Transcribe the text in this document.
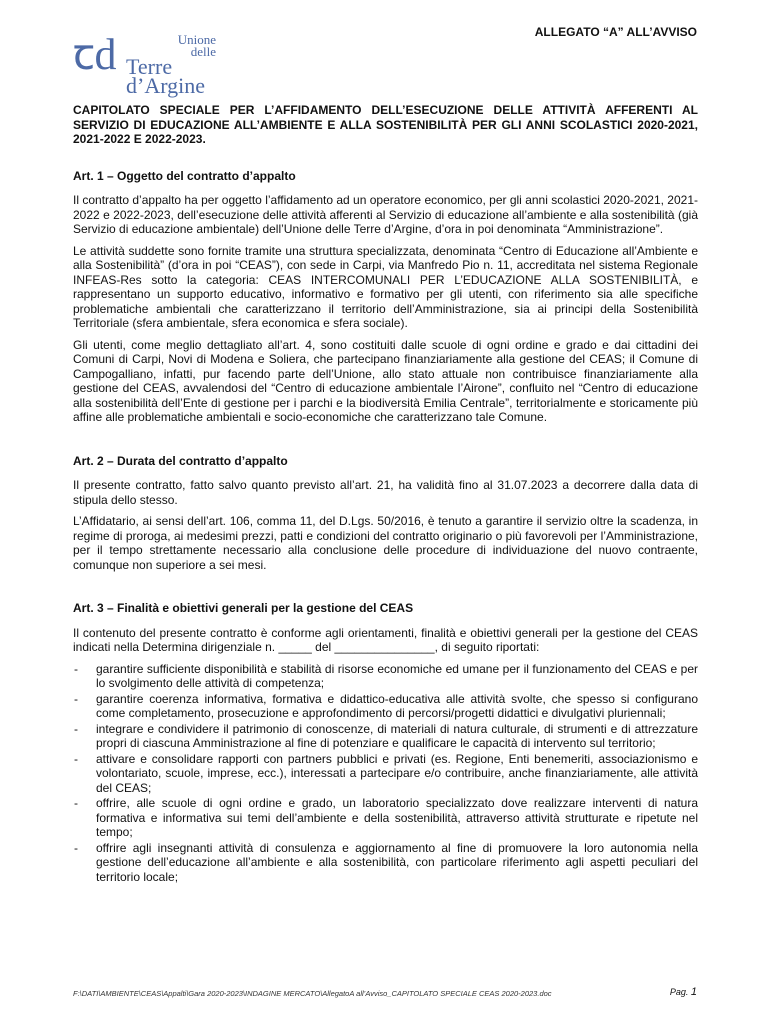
ALLEGATO “A” ALL’AVVISO
ꞇd	Unione
delle
Terre
d’Argine
CAPITOLATO SPECIALE PER L’AFFIDAMENTO DELL’ESECUZIONE DELLE ATTIVITÀ AFFERENTI AL SERVIZIO DI EDUCAZIONE ALL’AMBIENTE E ALLA SOSTENIBILITÀ PER GLI ANNI SCOLASTICI 2020-2021, 2021-2022 E 2022-2023.
Art. 1 – Oggetto del contratto d’appalto

Il contratto d’appalto ha per oggetto l’affidamento ad un operatore economico, per gli anni scolastici 2020-2021, 2021-2022 e 2022-2023, dell’esecuzione delle attività afferenti al Servizio di educazione all’ambiente e alla sostenibilità (già Servizio di educazione ambientale) dell’Unione delle Terre d’Argine, d’ora in poi denominata “Amministrazione”.

Le attività suddette sono fornite tramite una struttura specializzata, denominata “Centro di Educazione all’Ambiente e alla Sostenibilità” (d’ora in poi “CEAS”), con sede in Carpi, via Manfredo Pio n. 11, accreditata nel sistema Regionale INFEAS-Res sotto la categoria: CEAS INTERCOMUNALI PER L’EDUCAZIONE ALLA SOSTENIBILITÀ, e rappresentano un supporto educativo, informativo e formativo per gli utenti, con riferimento sia alle specifiche problematiche ambientali che caratterizzano il territorio dell’Amministrazione, sia ai principi della Sostenibilità Territoriale (sfera ambientale, sfera economica e sfera sociale).

Gli utenti, come meglio dettagliato all’art. 4, sono costituiti dalle scuole di ogni ordine e grado e dai cittadini dei Comuni di Carpi, Novi di Modena e Soliera, che partecipano finanziariamente alla gestione del CEAS; il Comune di Campogalliano, infatti, pur facendo parte dell’Unione, allo stato attuale non contribuisce finanziariamente alla gestione del CEAS, avvalendosi del “Centro di educazione ambientale l’Airone”, confluito nel “Centro di educazione alla sostenibilità dell’Ente di gestione per i parchi e la biodiversità Emilia Centrale”, territorialmente e storicamente più affine alle problematiche ambientali e socio-economiche che caratterizzano tale Comune.

Art. 2 – Durata del contratto d’appalto

Il presente contratto, fatto salvo quanto previsto all’art. 21, ha validità fino al 31.07.2023 a decorrere dalla data di stipula dello stesso.

L’Affidatario, ai sensi dell’art. 106, comma 11, del D.Lgs. 50/2016, è tenuto a garantire il servizio oltre la scadenza, in regime di proroga, ai medesimi prezzi, patti e condizioni del contratto originario o più favorevoli per l’Amministrazione, per il tempo strettamente necessario alla conclusione delle procedure di individuazione del nuovo contraente, comunque non superiore a sei mesi.

Art. 3 – Finalità e obiettivi generali per la gestione del CEAS

Il contenuto del presente contratto è conforme agli orientamenti, finalità e obiettivi generali per la gestione del CEAS indicati nella Determina dirigenziale n. _____ del _______________, di seguito riportati:

- garantire sufficiente disponibilità e stabilità di risorse economiche ed umane per il funzionamento del CEAS e per lo svolgimento delle attività di competenza;
- garantire coerenza informativa, formativa e didattico-educativa alle attività svolte, che spesso si configurano come completamento, prosecuzione e approfondimento di percorsi/progetti didattici e divulgativi pluriennali;
- integrare e condividere il patrimonio di conoscenze, di materiali di natura culturale, di strumenti e di attrezzature propri di ciascuna Amministrazione al fine di potenziare e qualificare le capacità di intervento sul territorio;
- attivare e consolidare rapporti con partners pubblici e privati (es. Regione, Enti benemeriti, associazionismo e volontariato, scuole, imprese, ecc.), interessati a partecipare e/o contribuire, anche finanziariamente, alle attività del CEAS;
- offrire, alle scuole di ogni ordine e grado, un laboratorio specializzato dove realizzare interventi di natura formativa e informativa sui temi dell’ambiente e della sostenibilità, attraverso attività strutturate e ripetute nel tempo;
- offrire agli insegnanti attività di consulenza e aggiornamento al fine di promuovere la loro autonomia nella gestione dell’educazione all’ambiente e alla sostenibilità, con particolare riferimento agli aspetti peculiari del territorio locale;
F:\DATI\AMBIENTE\CEAS\Appalti\Gara 2020-2023\INDAGINE MERCATO\AllegatoA all’Avviso_CAPITOLATO SPECIALE CEAS 2020-2023.doc	Pag. 1
